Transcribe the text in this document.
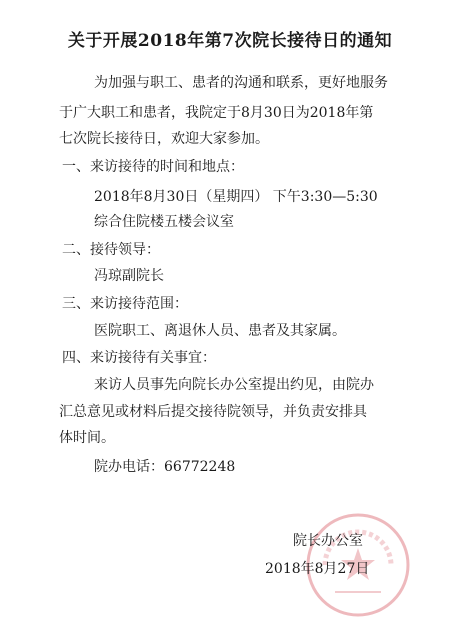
关于开展2018年第7次院长接待日的通知
为加强与职工、患者的沟通和联系，更好地服务
于广大职工和患者，我院定于8月30日为2018年第
七次院长接待日，欢迎大家参加。
一、来访接待的时间和地点：
2018年8月30日（星期四） 下午3:30—5:30
综合住院楼五楼会议室
二、接待领导：
冯琼副院长
三、来访接待范围：
医院职工、离退休人员、患者及其家属。
四、来访接待有关事宜：
来访人员事先向院长办公室提出约见，由院办
汇总意见或材料后提交接待院领导，并负责安排具
体时间。
院办电话：66772248
院长办公室
2018年8月27日
